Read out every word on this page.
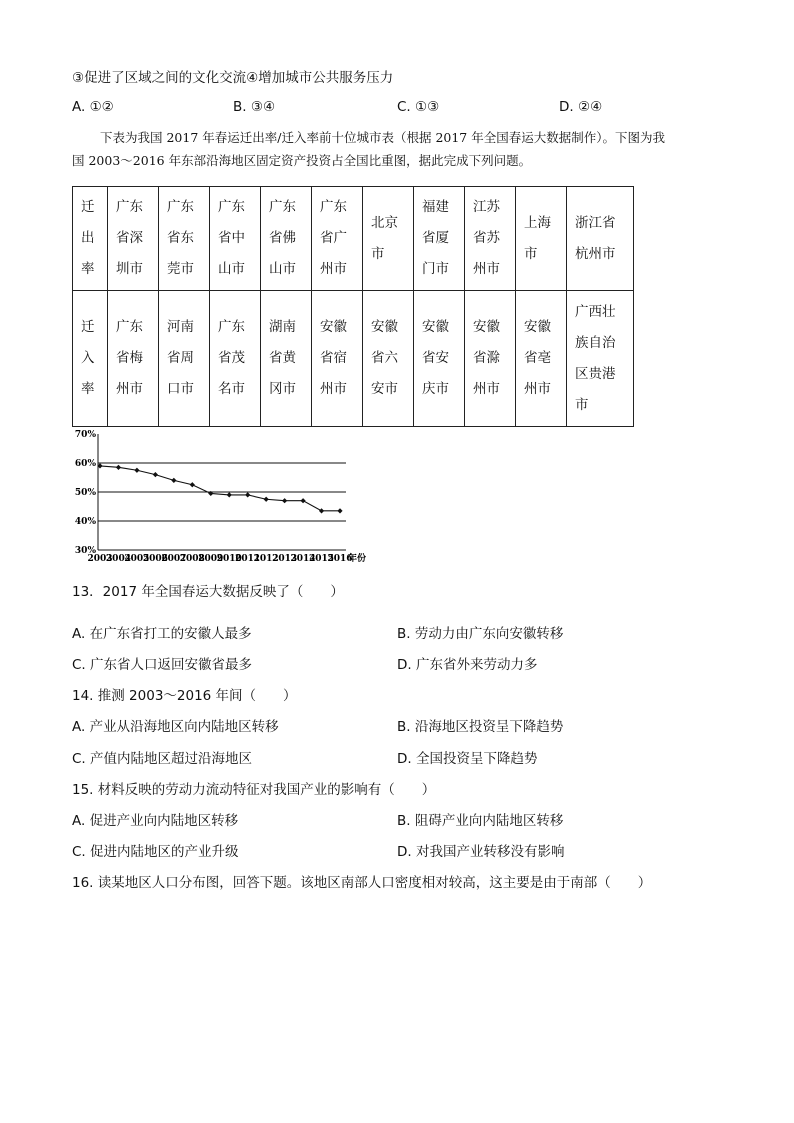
③促进了区域之间的文化交流④增加城市公共服务压力
A. ①②	B. ③④	C. ①③	D. ②④

下表为我国 2017 年春运迁出率/迁入率前十位城市表（根据 2017 年全国春运大数据制作）。下图为我

国 2003～2016 年东部沿海地区固定资产投资占全国比重图，据此完成下列问题。

迁
出
率	广东
省深
圳市	广东
省东
莞市	广东
省中
山市	广东
省佛
山市	广东
省广
州市	北京
市	福建
省厦
门市	江苏
省苏
州市	上海
市	浙江省
杭州市

迁
入
率	广东
省梅
州市	河南
省周
口市	广东
省茂
名市	湖南
省黄
冈市	安徽
省宿
州市	安徽
省六
安市	安徽
省安
庆市	安徽
省滁
州市	安徽
省亳
州市	广西壮
族自治
区贵港
市
30%
40%
50%
60%
70%
2003
2004
2005
2006
2007
2008
2009
2010
2011
2012
2013
2014
2015
2016
年份
13．2017 年全国春运大数据反映了（　　）
A. 在广东省打工的安徽人最多	B. 劳动力由广东向安徽转移
C. 广东省人口返回安徽省最多	D. 广东省外来劳动力多
14. 推测 2003～2016 年间（　　）
A. 产业从沿海地区向内陆地区转移	B. 沿海地区投资呈下降趋势
C. 产值内陆地区超过沿海地区	D. 全国投资呈下降趋势
15. 材料反映的劳动力流动特征对我国产业的影响有（　　）
A. 促进产业向内陆地区转移	B. 阻碍产业向内陆地区转移
C. 促进内陆地区的产业升级	D. 对我国产业转移没有影响
16. 读某地区人口分布图，回答下题。该地区南部人口密度相对较高，这主要是由于南部（　　）
